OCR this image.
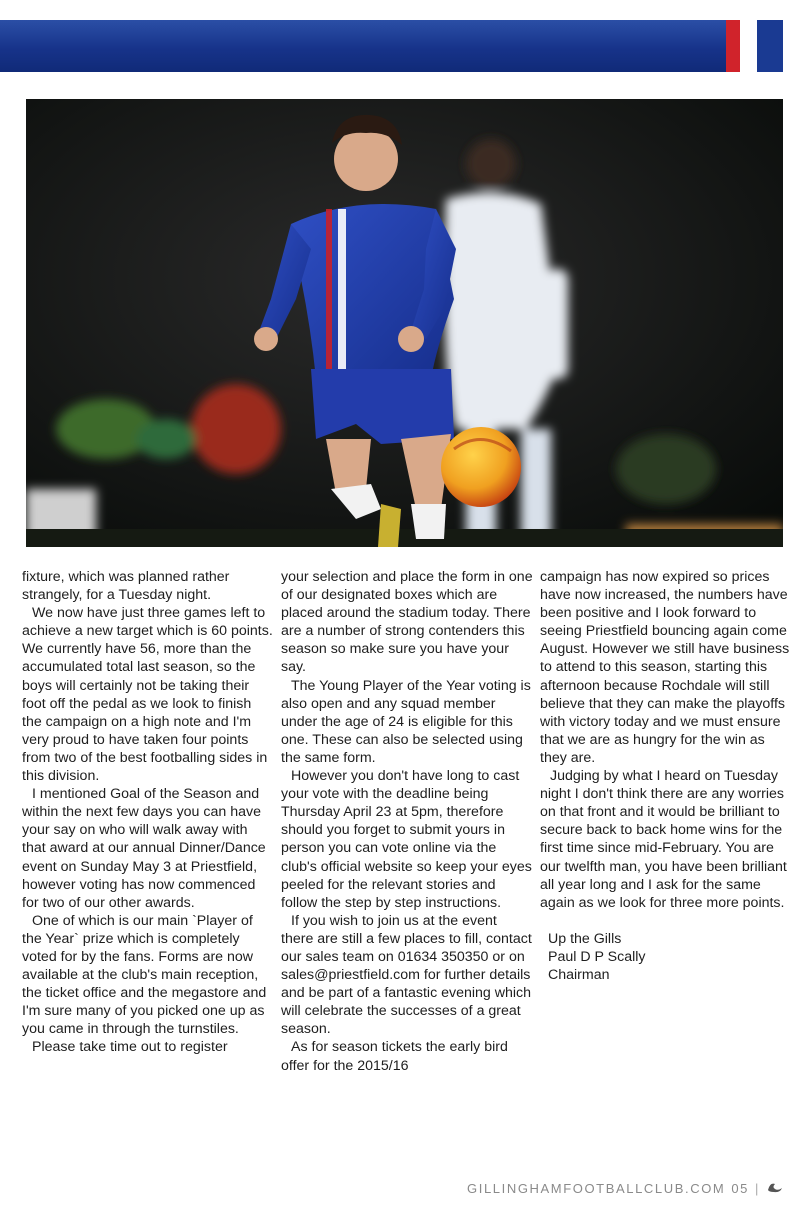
fixture, which was planned rather strangely, for a Tuesday night.

We now have just three games left to achieve a new target which is 60 points. We currently have 56, more than the accumulated total last season, so the boys will certainly not be taking their foot off the pedal as we look to finish the campaign on a high note and I'm very proud to have taken four points from two of the best footballing sides in this division.

I mentioned Goal of the Season and within the next few days you can have your say on who will walk away with that award at our annual Dinner/Dance event on Sunday May 3 at Priestfield, however voting has now commenced for two of our other awards.

One of which is our main `Player of the Year` prize which is completely voted for by the fans. Forms are now available at the club's main reception, the ticket office and the megastore and I'm sure many of you picked one up as you came in through the turnstiles.

Please take time out to register

your selection and place the form in one of our designated boxes which are placed around the stadium today. There are a number of strong contenders this season so make sure you have your say.

The Young Player of the Year voting is also open and any squad member under the age of 24 is eligible for this one. These can also be selected using the same form.

However you don't have long to cast your vote with the deadline being Thursday April 23 at 5pm, therefore should you forget to submit yours in person you can vote online via the club's official website so keep your eyes peeled for the relevant stories and follow the step by step instructions.

If you wish to join us at the event there are still a few places to fill, contact our sales team on 01634 350350 or on sales@priestfield.com for further details and be part of a fantastic evening which will celebrate the successes of a great season.

As for season tickets the early bird offer for the 2015/16

campaign has now expired so prices have now increased, the numbers have been positive and I look forward to seeing Priestfield bouncing again come August. However we still have business to attend to this season, starting this afternoon because Rochdale will still believe that they can make the playoffs with victory today and we must ensure that we are as hungry for the win as they are.

Judging by what I heard on Tuesday night I don't think there are any worries on that front and it would be brilliant to secure back to back home wins for the first time since mid-February. You are our twelfth man, you have been brilliant all year long and I ask for the same again as we look for three more points.

Up the Gills

Paul D P Scally

Chairman

GILLINGHAMFOOTBALLCLUB.COM 05 |
